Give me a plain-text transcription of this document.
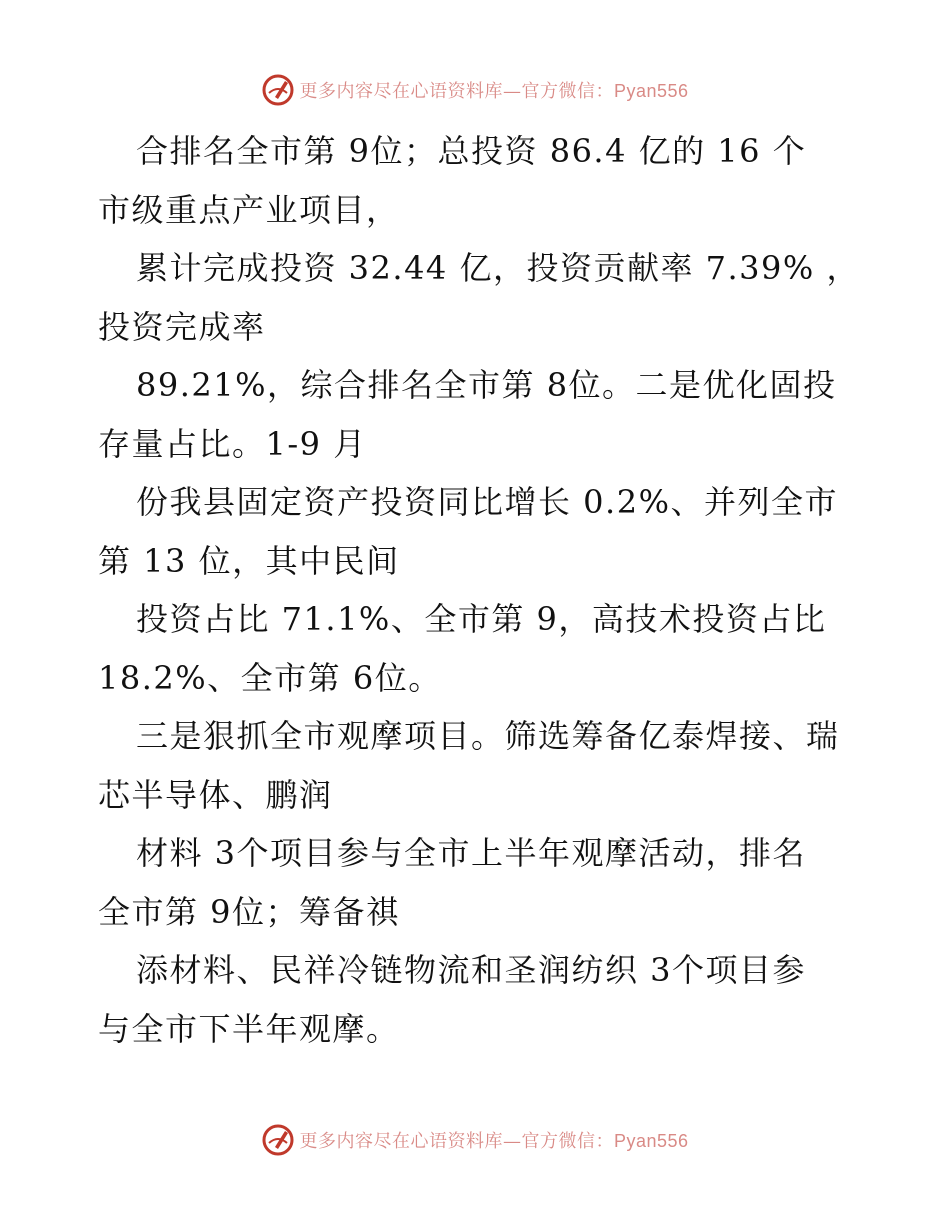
更多内容尽在心语资料库—官方微信：Pyan556
合排名全市第 9位；总投资 86.4 亿的 16 个
市级重点产业项目，
累计完成投资 32.44 亿，投资贡献率 7.39% ，
投资完成率
89.21%，综合排名全市第 8位。二是优化固投
存量占比。1-9 月
份我县固定资产投资同比增长 0.2%、并列全市
第 13 位，其中民间
投资占比 71.1%、全市第 9，高技术投资占比
18.2%、全市第 6位。
三是狠抓全市观摩项目。筛选筹备亿泰焊接、瑞
芯半导体、鹏润
材料 3个项目参与全市上半年观摩活动，排名
全市第 9位；筹备祺
添材料、民祥冷链物流和圣润纺织 3个项目参
与全市下半年观摩。
更多内容尽在心语资料库—官方微信：Pyan556
